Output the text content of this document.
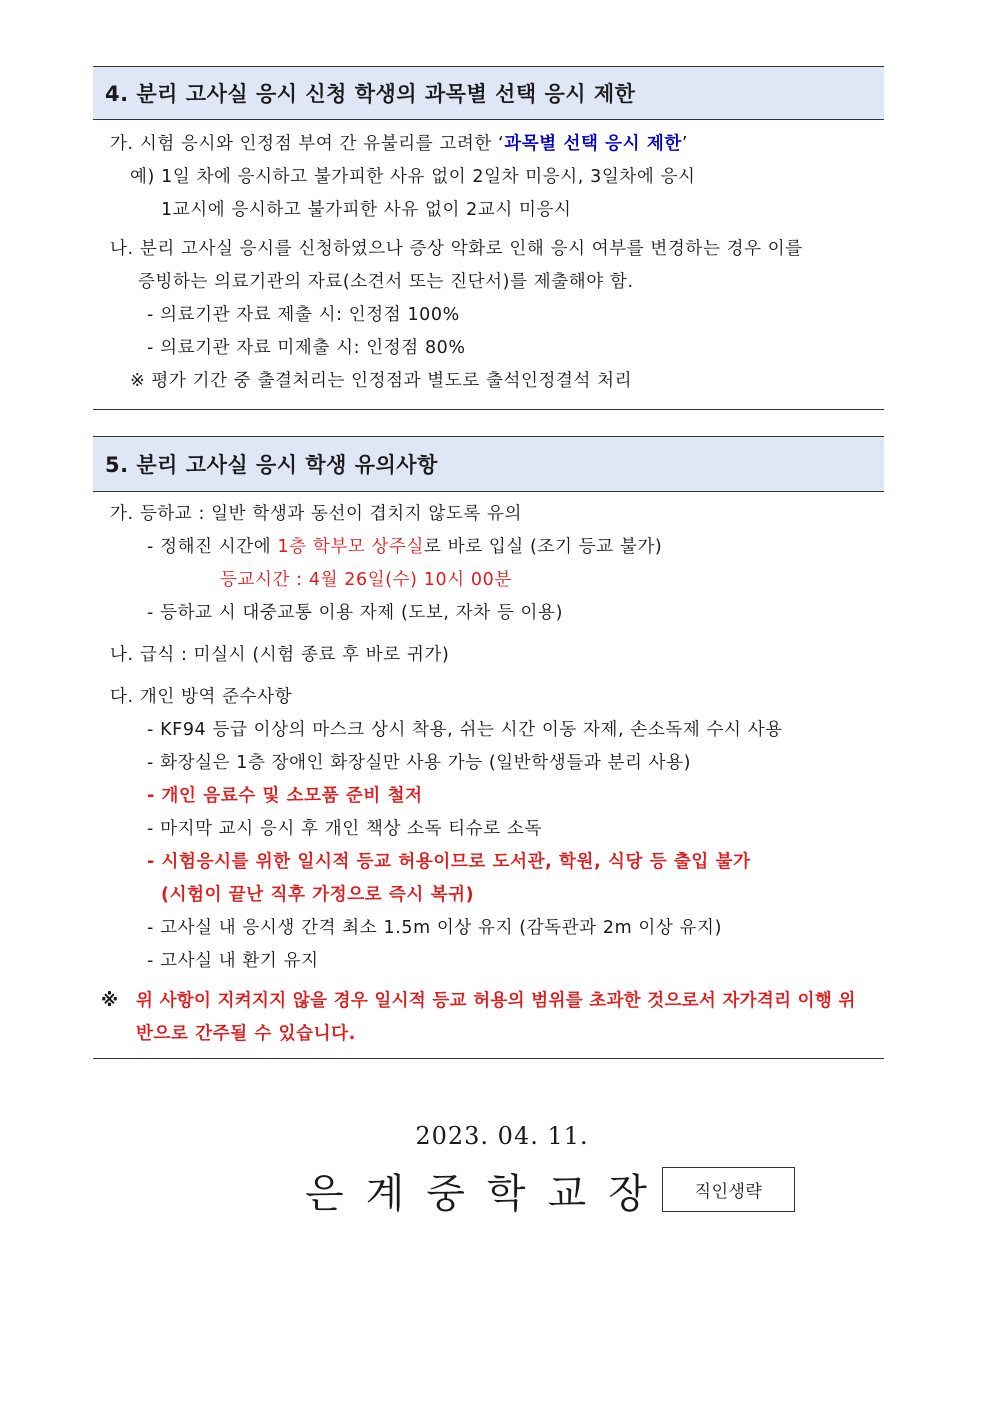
4. 분리 고사실 응시 신청 학생의 과목별 선택 응시 제한
가. 시험 응시와 인정점 부여 간 유불리를 고려한 ‘과목별 선택 응시 제한’
예) 1일 차에 응시하고 불가피한 사유 없이 2일차 미응시, 3일차에 응시
1교시에 응시하고 불가피한 사유 없이 2교시 미응시
나. 분리 고사실 응시를 신청하였으나 증상 악화로 인해 응시 여부를 변경하는 경우 이를
증빙하는 의료기관의 자료(소견서 또는 진단서)를 제출해야 함.
- 의료기관 자료 제출 시: 인정점 100%
- 의료기관 자료 미제출 시: 인정점 80%
※ 평가 기간 중 출결처리는 인정점과 별도로 출석인정결석 처리
5. 분리 고사실 응시 학생 유의사항
가. 등하교 : 일반 학생과 동선이 겹치지 않도록 유의
- 정해진 시간에 1층 학부모 상주실로 바로 입실 (조기 등교 불가)
등교시간 : 4월 26일(수) 10시 00분
- 등하교 시 대중교통 이용 자제 (도보, 자차 등 이용)
나. 급식 : 미실시 (시험 종료 후 바로 귀가)
다. 개인 방역 준수사항
- KF94 등급 이상의 마스크 상시 착용, 쉬는 시간 이동 자제, 손소독제 수시 사용
- 화장실은 1층 장애인 화장실만 사용 가능 (일반학생들과 분리 사용)
- 개인 음료수 및 소모품 준비 철저
- 마지막 교시 응시 후 개인 책상 소독 티슈로 소독
- 시험응시를 위한 일시적 등교 허용이므로 도서관, 학원, 식당 등 출입 불가
(시험이 끝난 직후 가정으로 즉시 복귀)
- 고사실 내 응시생 간격 최소 1.5m 이상 유지 (감독관과 2m 이상 유지)
- 고사실 내 환기 유지
※ 위 사항이 지켜지지 않을 경우 일시적 등교 허용의 범위를 초과한 것으로서 자가격리 이행 위
반으로 간주될 수 있습니다.
2023. 04. 11.
은계중학교장	직인생략
